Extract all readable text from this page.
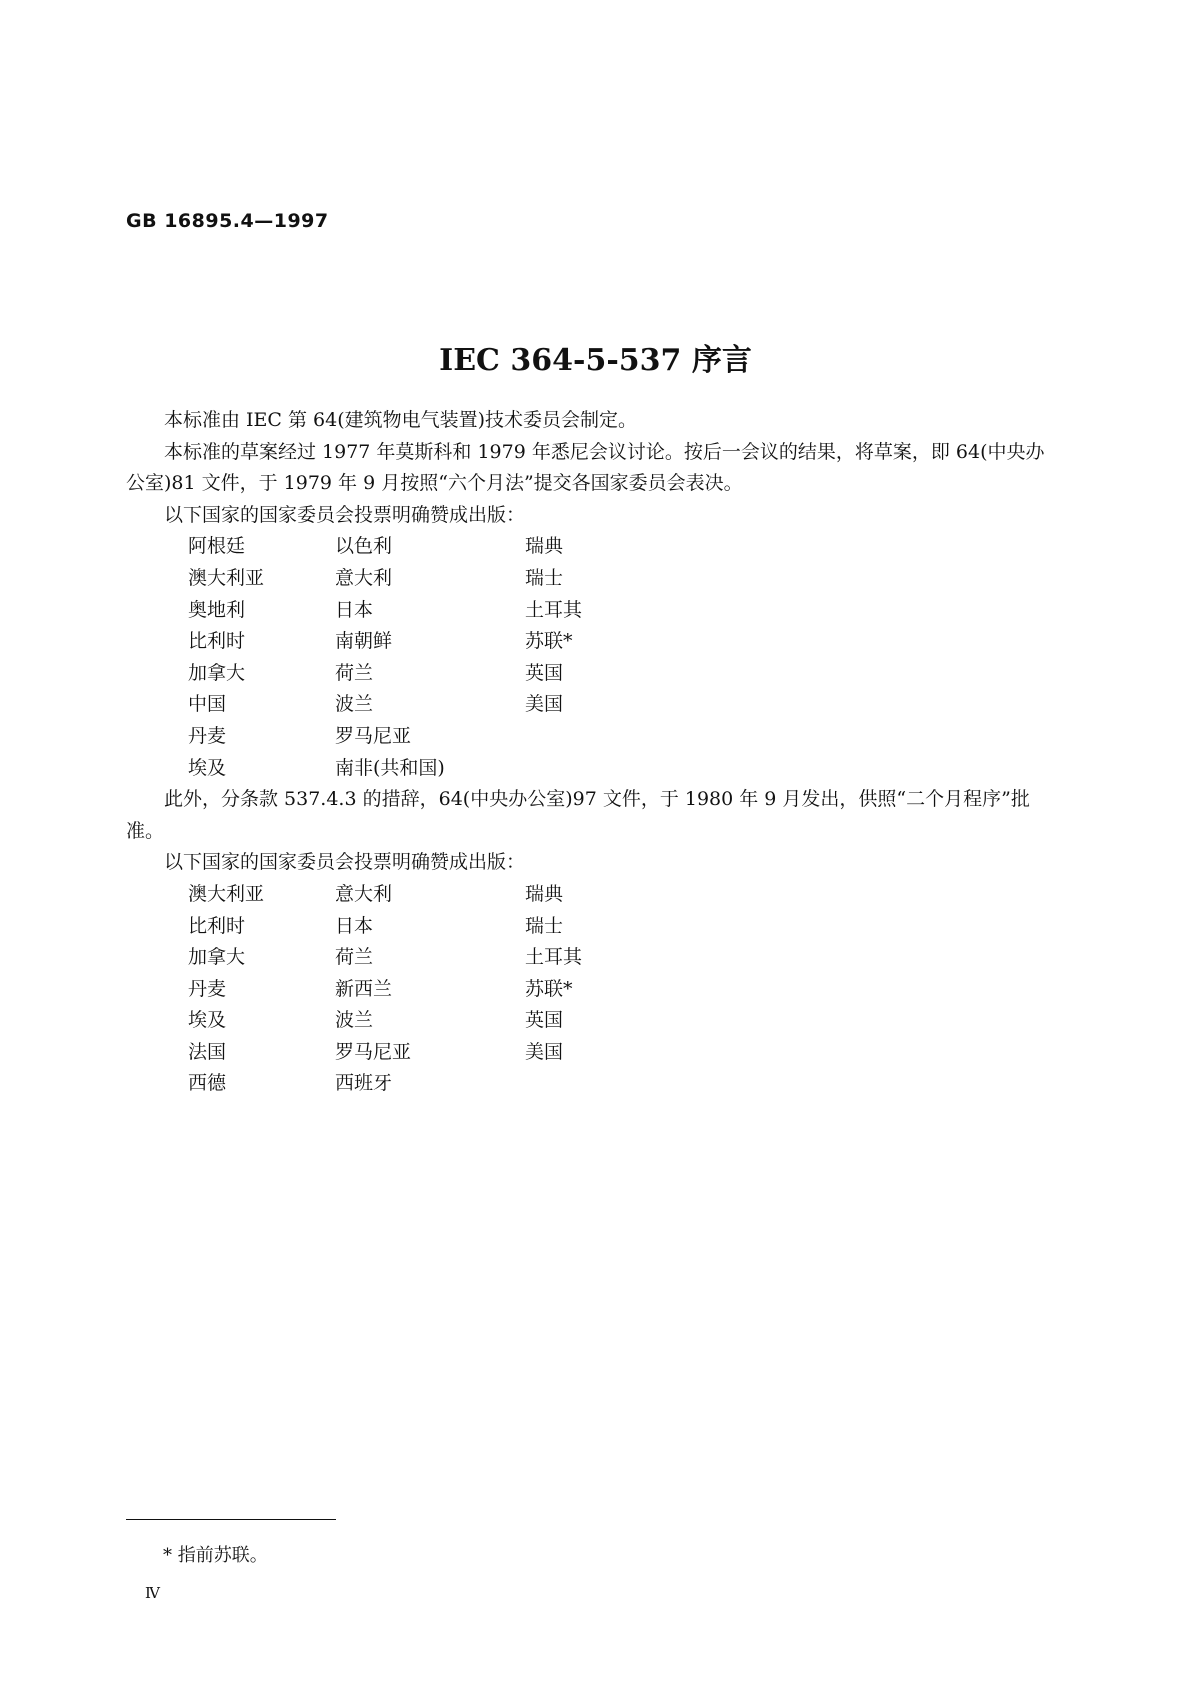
GB 16895.4—1997
IEC 364-5-537 序言

本标准由 IEC 第 64(建筑物电气装置)技术委员会制定。

本标准的草案经过 1977 年莫斯科和 1979 年悉尼会议讨论。按后一会议的结果，将草案，即 64(中央办公室)81 文件，于 1979 年 9 月按照“六个月法”提交各国家委员会表决。

以下国家的国家委员会投票明确赞成出版：

阿根廷	以色利	瑞典
澳大利亚	意大利	瑞士
奥地利	日本	土耳其
比利时	南朝鲜	苏联*
加拿大	荷兰	英国
中国	波兰	美国
丹麦	罗马尼亚
埃及	南非(共和国)

此外，分条款 537.4.3 的措辞，64(中央办公室)97 文件，于 1980 年 9 月发出，供照“二个月程序”批准。

以下国家的国家委员会投票明确赞成出版：

澳大利亚	意大利	瑞典
比利时	日本	瑞士
加拿大	荷兰	土耳其
丹麦	新西兰	苏联*
埃及	波兰	英国
法国	罗马尼亚	美国
西德	西班牙
* 指前苏联。
Ⅳ
